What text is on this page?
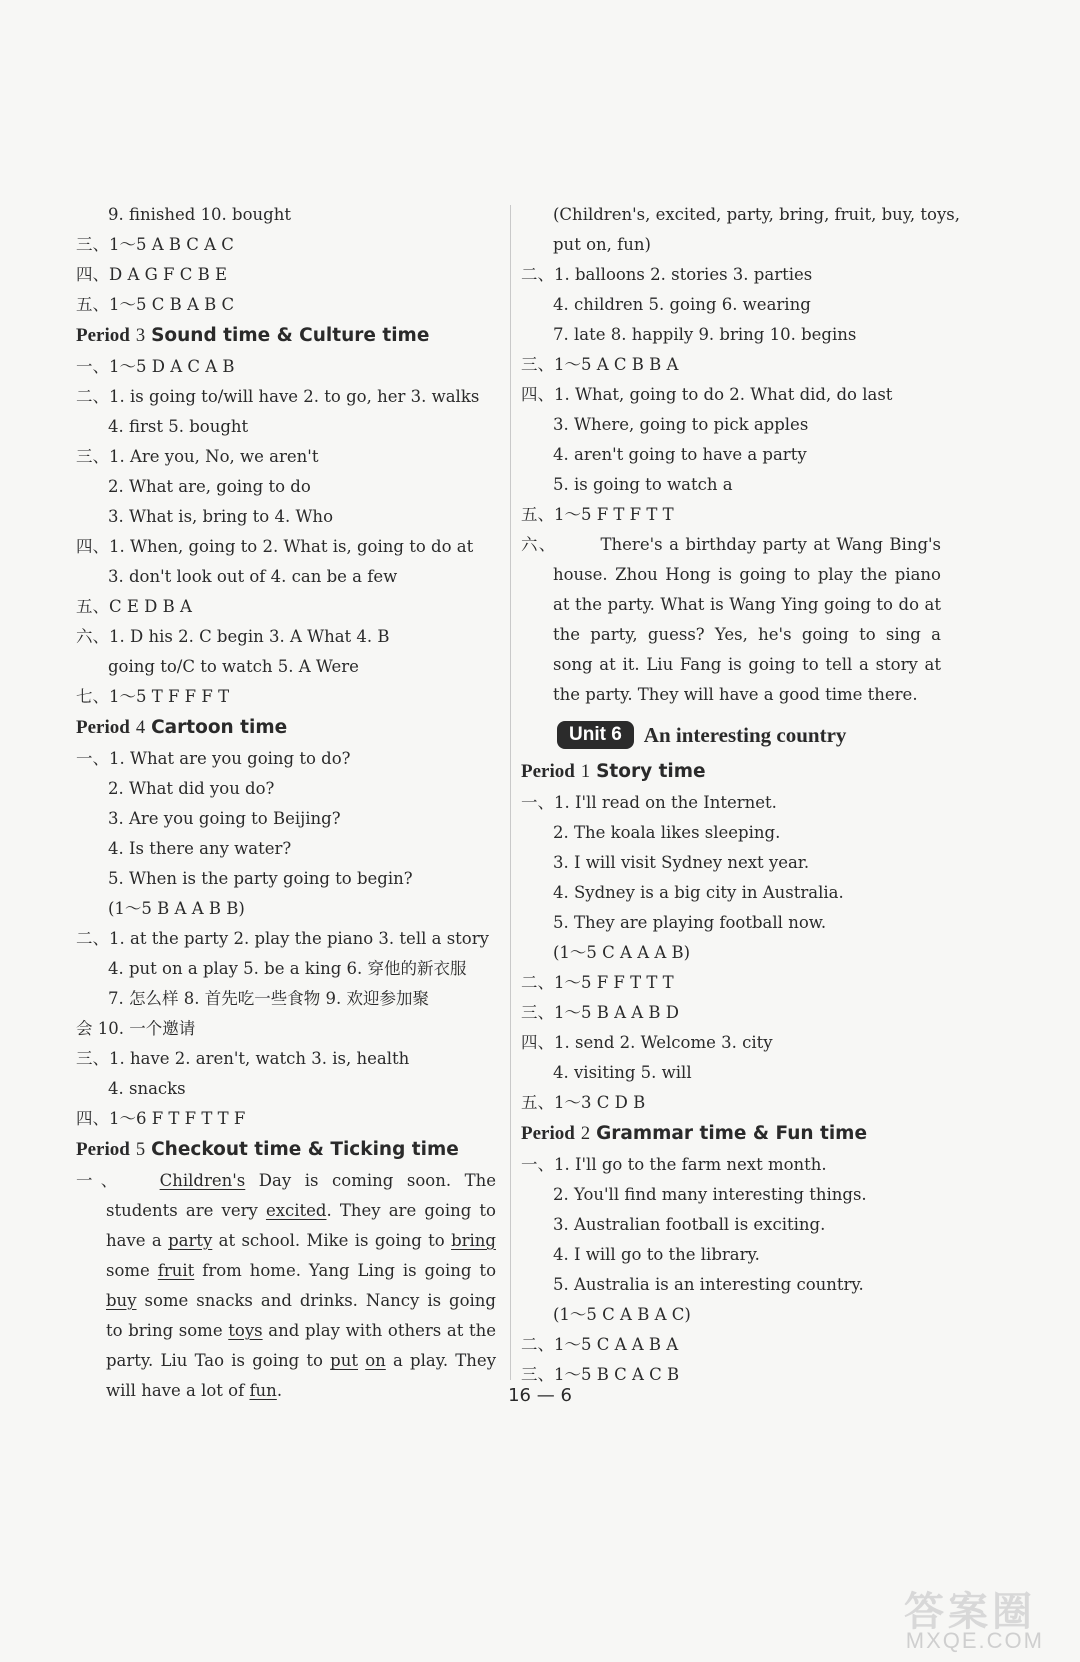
9. finished 10. bought
三、1～5 A B C A C
四、D A G F C B E
五、1～5 C B A B C
Period 3 Sound time & Culture time
一、1～5 D A C A B
二、1. is going to/will have 2. to go, her 3. walks
4. first 5. bought
三、1. Are you, No, we aren't
2. What are, going to do
3. What is, bring to 4. Who
四、1. When, going to 2. What is, going to do at
3. don't look out of 4. can be a few
五、C E D B A
六、1. D his 2. C begin 3. A What 4. B
going to/C to watch 5. A Were
七、1～5 T F F F T
Period 4 Cartoon time
一、1. What are you going to do?
2. What did you do?
3. Are you going to Beijing?
4. Is there any water?
5. When is the party going to begin?
(1～5 B A A B B)
二、1. at the party 2. play the piano 3. tell a story
4. put on a play 5. be a king 6. 穿他的新衣服
7. 怎么样 8. 首先吃一些食物 9. 欢迎参加聚
会 10. 一个邀请
三、1. have 2. aren't, watch 3. is, health
4. snacks
四、1～6 F T F T T F
Period 5 Checkout time & Ticking time
一、 Children's Day is coming soon. The students are very excited. They are going to have a party at school. Mike is going to bring some fruit from home. Yang Ling is going to buy some snacks and drinks. Nancy is going to bring some toys and play with others at the party. Liu Tao is going to put on a play. They will have a lot of fun.
(Children's, excited, party, bring, fruit, buy, toys,
put on, fun)
二、1. balloons 2. stories 3. parties
4. children 5. going 6. wearing
7. late 8. happily 9. bring 10. begins
三、1～5 A C B B A
四、1. What, going to do 2. What did, do last
3. Where, going to pick apples
4. aren't going to have a party
5. is going to watch a
五、1～5 F T F T T
六、	There's a birthday party at Wang Bing's house. Zhou Hong is going to play the piano at the party. What is Wang Ying going to do at the party, guess? Yes, he's going to sing a song at it. Liu Fang is going to tell a story at the party. They will have a good time there.
Unit 6 An interesting country
Period 1 Story time
一、1. I'll read on the Internet.
2. The koala likes sleeping.
3. I will visit Sydney next year.
4. Sydney is a big city in Australia.
5. They are playing football now.
(1～5 C A A A B)
二、1～5 F F T T T
三、1～5 B A A B D
四、1. send 2. Welcome 3. city
4. visiting 5. will
五、1～3 C D B
Period 2 Grammar time & Fun time
一、1. I'll go to the farm next month.
2. You'll find many interesting things.
3. Australian football is exciting.
4. I will go to the library.
5. Australia is an interesting country.
(1～5 C A B A C)
二、1～5 C A A B A
三、1～5 B C A C B
16 — 6
答案圈
MXQE.COM
